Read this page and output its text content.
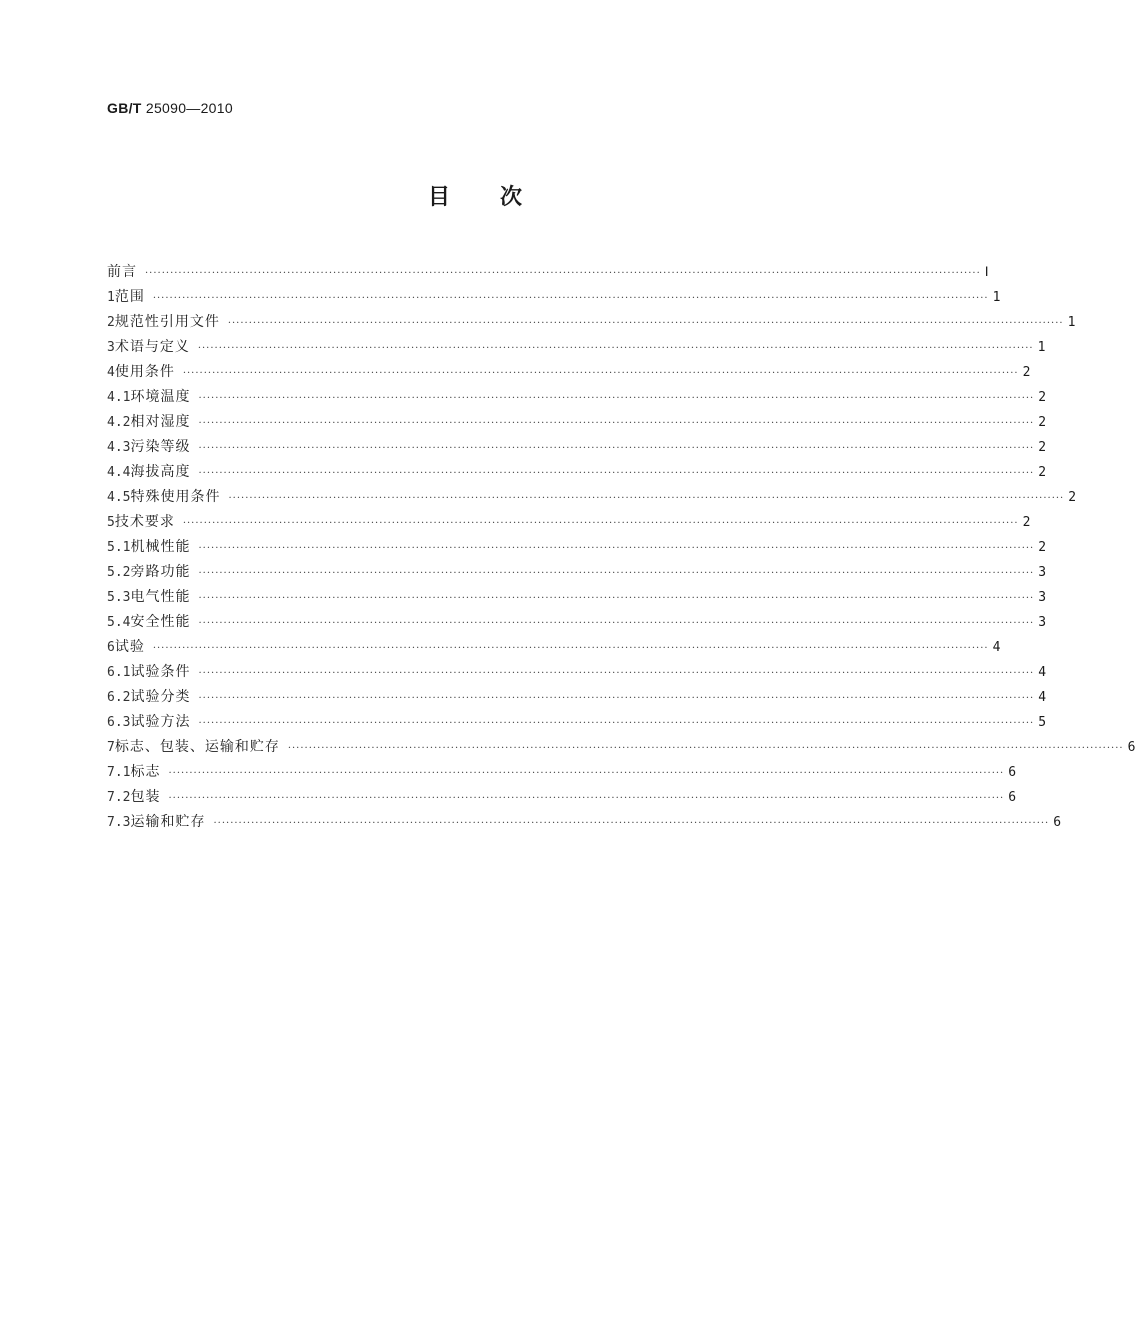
GB/T 25090—2010
目次
前言 ········································································································································································································ Ⅰ
1 范围 ········································································································································································································ 1
2 规范性引用文件 ········································································································································································································ 1
3 术语与定义 ········································································································································································································ 1
4 使用条件 ········································································································································································································ 2
4.1 环境温度 ········································································································································································································ 2
4.2 相对湿度 ········································································································································································································ 2
4.3 污染等级 ········································································································································································································ 2
4.4 海拔高度 ········································································································································································································ 2
4.5 特殊使用条件 ········································································································································································································ 2
5 技术要求 ········································································································································································································ 2
5.1 机械性能 ········································································································································································································ 2
5.2 旁路功能 ········································································································································································································ 3
5.3 电气性能 ········································································································································································································ 3
5.4 安全性能 ········································································································································································································ 3
6 试验 ········································································································································································································ 4
6.1 试验条件 ········································································································································································································ 4
6.2 试验分类 ········································································································································································································ 4
6.3 试验方法 ········································································································································································································ 5
7 标志、包装、运输和贮存 ········································································································································································································ 6
7.1 标志 ········································································································································································································ 6
7.2 包装 ········································································································································································································ 6
7.3 运输和贮存 ········································································································································································································ 6
